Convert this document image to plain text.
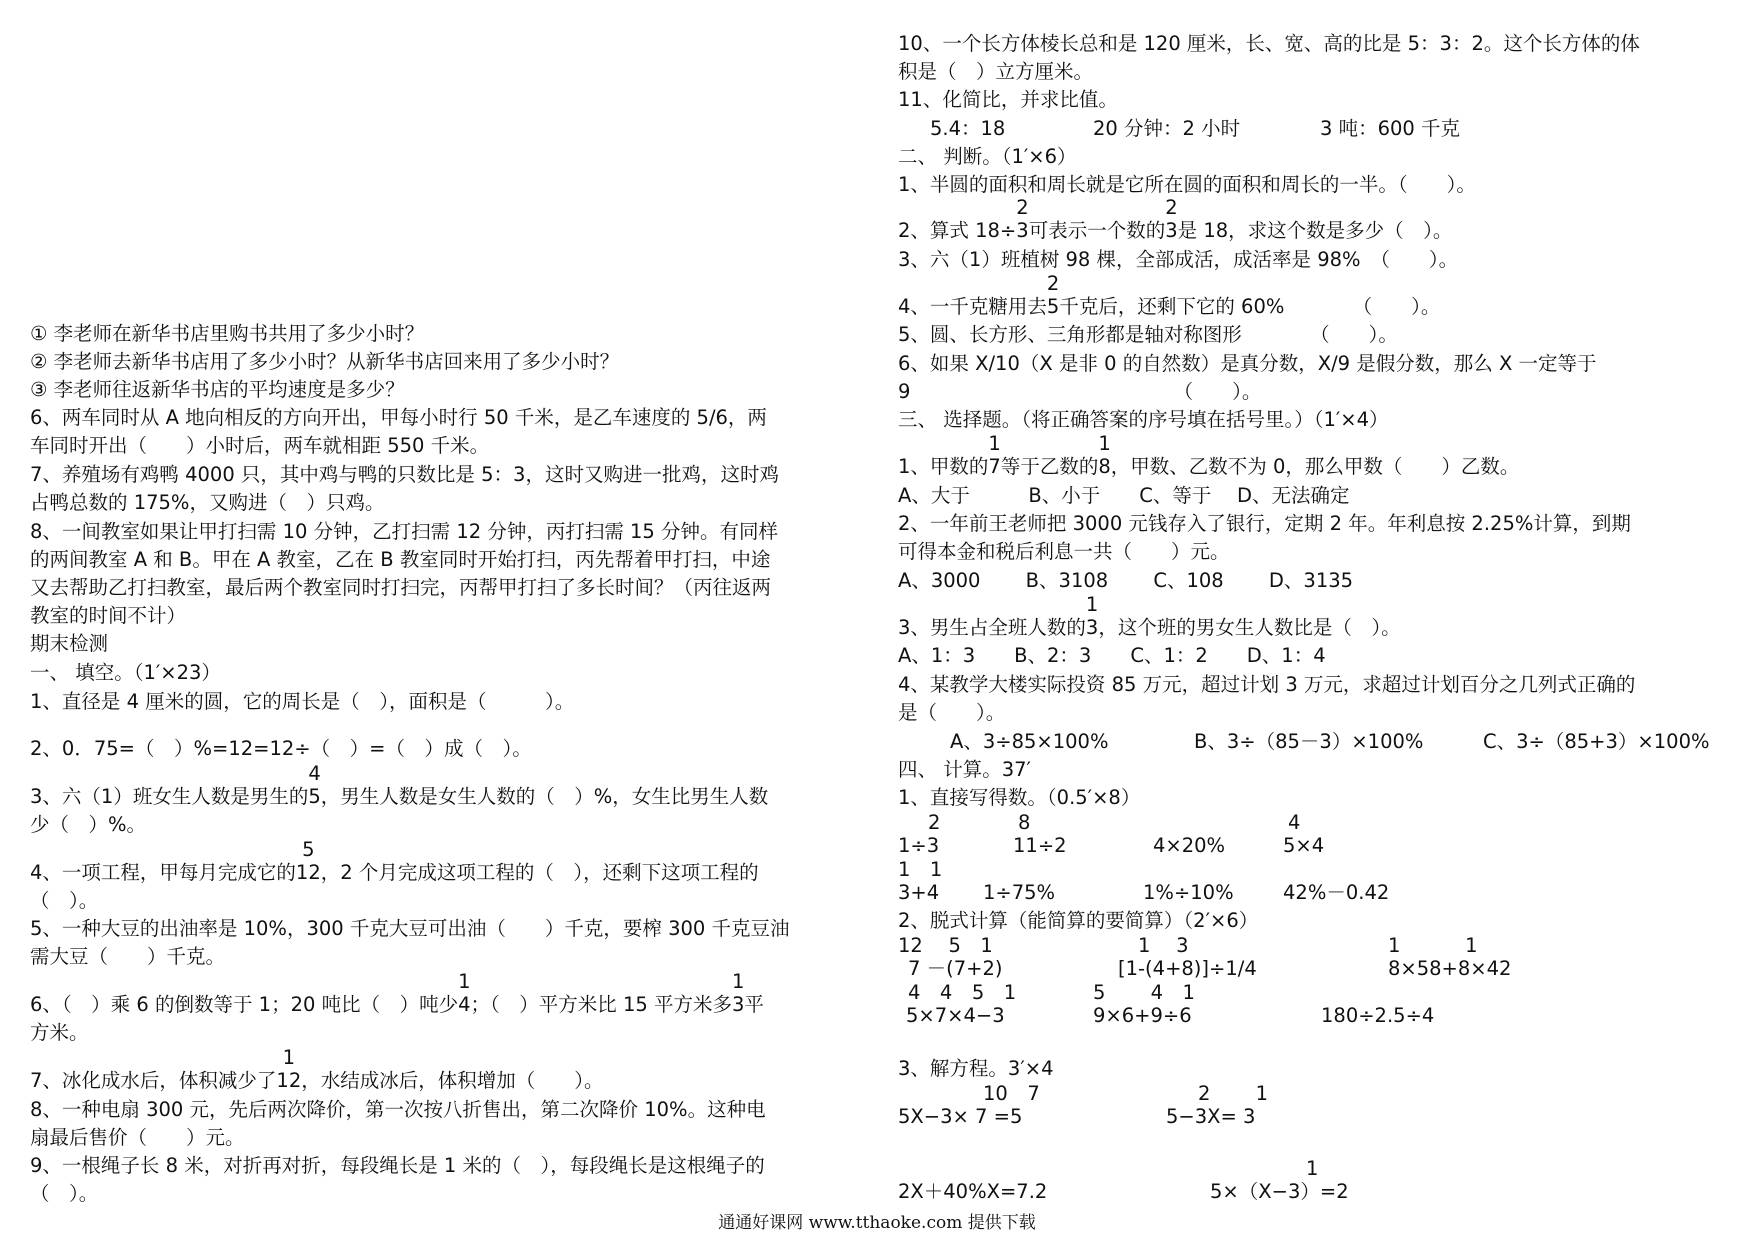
① 李老师在新华书店里购书共用了多少小时？
② 李老师去新华书店用了多少小时？从新华书店回来用了多少小时？
③ 李老师往返新华书店的平均速度是多少？
6、两车同时从 A 地向相反的方向开出，甲每小时行 50 千米，是乙车速度的 5/6，两
车同时开出（　　）小时后，两车就相距 550 千米。
7、养殖场有鸡鸭 4000 只，其中鸡与鸭的只数比是 5：3，这时又购进一批鸡，这时鸡
占鸭总数的 175%，又购进（　）只鸡。
8、一间教室如果让甲打扫需 10 分钟，乙打扫需 12 分钟，丙打扫需 15 分钟。有同样
的两间教室 A 和 B。甲在 A 教室，乙在 B 教室同时开始打扫，丙先帮着甲打扫，中途
又去帮助乙打扫教室，最后两个教室同时打扫完，丙帮甲打扫了多长时间？（丙往返两
教室的时间不计）
期末检测
一、 填空。（1′×23）
1、直径是 4 厘米的圆，它的周长是（　），面积是（　　　）。
2、0．75=（　）%=12=12÷（　）=（　）成（　）。
3、六（1）班女生人数是男生的
4
5，男生人数是女生人数的（　）%，女生比男生人数
少（　）%。
4、一项工程，甲每月完成它的
5
12，2 个月完成这项工程的（　），还剩下这项工程的
（　）。
5、一种大豆的出油率是 10%，300 千克大豆可出油（　　）千克，要榨 300 千克豆油
需大豆（　　）千克。
6、（　）乘 6 的倒数等于 1；20 吨比（　）吨少
1
4；（　）平方米比 15 平方米多
1
3平
方米。
7、冰化成水后，体积减少了
1
12，水结成冰后，体积增加（　　）。
8、一种电扇 300 元，先后两次降价，第一次按八折售出，第二次降价 10%。这种电
扇最后售价（　　）元。
9、一根绳子长 8 米，对折再对折，每段绳长是 1 米的（　），每段绳长是这根绳子的
（　）。
10、一个长方体棱长总和是 120 厘米，长、宽、高的比是 5：3：2。这个长方体的体
积是（　）立方厘米。
11、化简比，并求比值。
5.4：18	20 分钟：2 小时	3 吨：600 千克
二、 判断。（1′×6）
1、半圆的面积和周长就是它所在圆的面积和周长的一半。（　　）。
2、算式 18÷
2
3可表示一个数的
2
3是 18，求这个数是多少（　）。
3、六（1）班植树 98 棵，全部成活，成活率是 98%　（　　）。
4、一千克糖用去
2
5千克后，还剩下它的 60%　　　　（　　）。
5、圆、长方形、三角形都是轴对称图形　　　　（　　）。
6、如果 X/10（X 是非 0 的自然数）是真分数，X/9 是假分数，那么 X 一定等于
9　　　　　　　　　　　　　　（　　）。
三、 选择题。（将正确答案的序号填在括号里。）（1′×4）
1、甲数的
1
7等于乙数的
1
8，甲数、乙数不为 0，那么甲数（　　）乙数。
A、大于　　　B、小于　　C、等于　 D、无法确定
2、一年前王老师把 3000 元钱存入了银行，定期 2 年。年利息按 2.25%计算，到期
可得本金和税后利息一共（　　）元。
A、3000　　 B、3108　　 C、108　　 D、3135
3、男生占全班人数的
1
3，这个班的男女生人数比是（　）。
A、1：3　　B、2：3　　C、1：2　　D、1：4
4、某教学大楼实际投资 85 万元，超过计划 3 万元，求超过计划百分之几列式正确的
是（　　）。
A、3÷85×100%	B、3÷（85－3）×100%	C、3÷（85+3）×100%
四、 计算。37′
1、直接写得数。（0.5′×8）
2	8	4
1÷3	11÷2	4×20%	5×4
1　1
3+4 1÷75%	1%÷10%	42%－0.42
2、脱式计算（能简算的要简算）（2′×6）
12　 5　1	1　 3	1　　　 1
7 －(7+2)	[1-(4+8)]÷1/4	8×58+8×42
4　4　5　1	5　　 4　1
5×7×4−3	9×6+9÷6	180÷2.5÷4
3、解方程。3′×4
10　7	2　　 1
5X−3× 7 =5	5−3X= 3
1
2X＋40%X=7.2	5×（X−3）=2
通通好课网 www.tthaoke.com 提供下载
